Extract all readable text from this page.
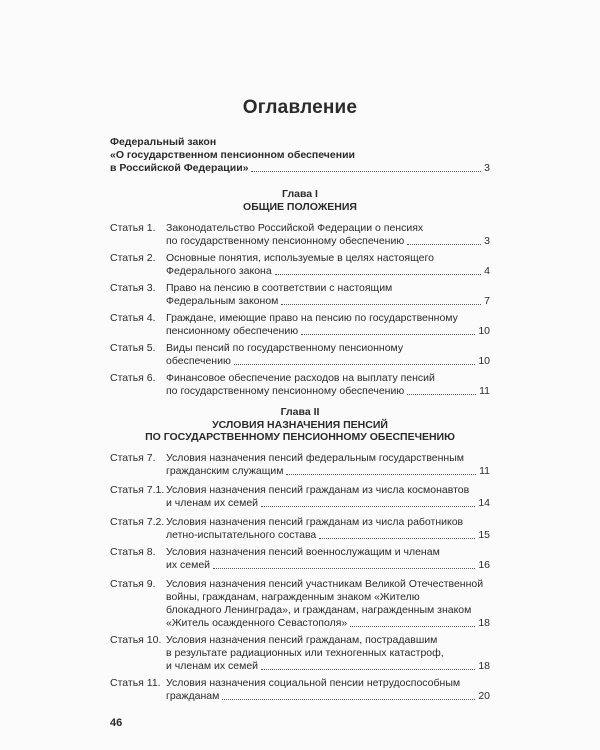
Оглавление
Федеральный закон
«О государственном пенсионном обеспечении
в Российской Федерации»	3
Глава I
ОБЩИЕ ПОЛОЖЕНИЯ
Статья 1. Законодательство Российской Федерации о пенсиях
по государственному пенсионному обеспечению	3
Статья 2. Основные понятия, используемые в целях настоящего
Федерального закона	4
Статья 3. Право на пенсию в соответствии с настоящим
Федеральным законом	7
Статья 4. Граждане, имеющие право на пенсию по государственному
пенсионному обеспечению	10
Статья 5. Виды пенсий по государственному пенсионному
обеспечению	10
Статья 6. Финансовое обеспечение расходов на выплату пенсий
по государственному пенсионному обеспечению	11
Глава II
УСЛОВИЯ НАЗНАЧЕНИЯ ПЕНСИЙ
ПО ГОСУДАРСТВЕННОМУ ПЕНСИОННОМУ ОБЕСПЕЧЕНИЮ
Статья 7. Условия назначения пенсий федеральным государственным
гражданским служащим	11
Статья 7.1. Условия назначения пенсий гражданам из числа космонавтов
и членам их семей	14
Статья 7.2. Условия назначения пенсий гражданам из числа работников
летно-испытательного состава	15
Статья 8. Условия назначения пенсий военнослужащим и членам
их семей	16
Статья 9. Условия назначения пенсий участникам Великой Отечественной
войны, гражданам, награжденным знаком «Жителю
блокадного Ленинграда», и гражданам, награжденным знаком
«Житель осажденного Севастополя»	18
Статья 10. Условия назначения пенсий гражданам, пострадавшим
в результате радиационных или техногенных катастроф,
и членам их семей	18
Статья 11. Условия назначения социальной пенсии нетрудоспособным
гражданам	20
46
